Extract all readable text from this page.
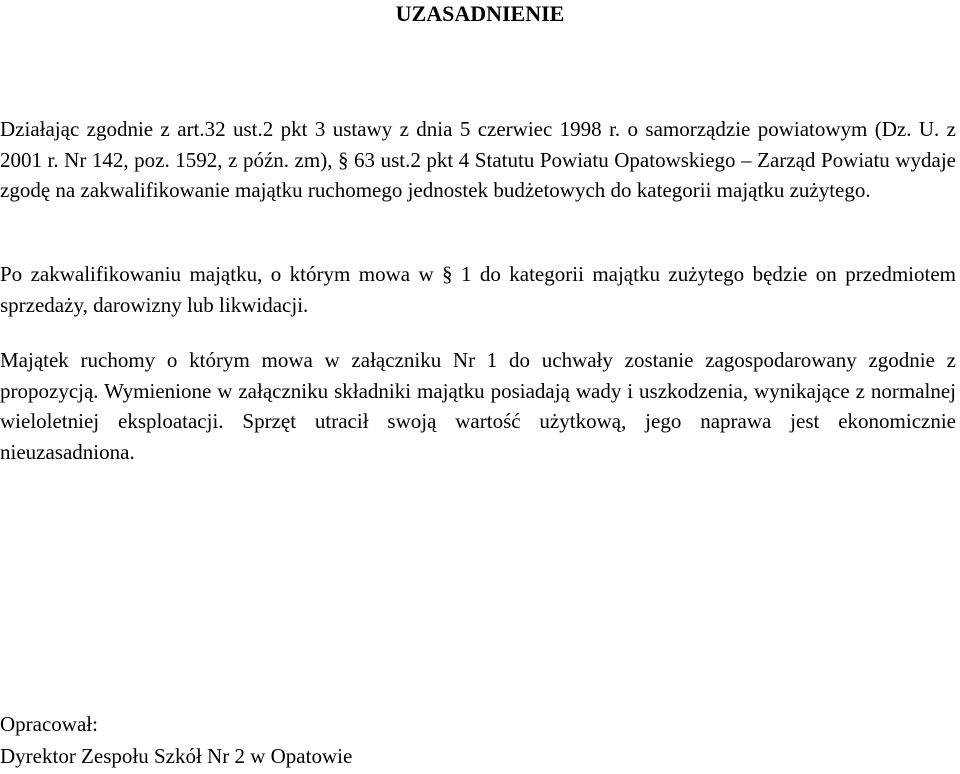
UZASADNIENIE

Działając zgodnie z art.32 ust.2 pkt 3 ustawy z dnia 5 czerwiec 1998 r. o samorządzie powiatowym (Dz. U. z 2001 r. Nr 142, poz. 1592, z późn. zm), § 63 ust.2 pkt 4 Statutu Powiatu Opatowskiego – Zarząd Powiatu wydaje zgodę na zakwalifikowanie majątku ruchomego jednostek budżetowych do kategorii majątku zużytego.

Po zakwalifikowaniu majątku, o którym mowa w § 1 do kategorii majątku zużytego będzie on przedmiotem sprzedaży, darowizny lub likwidacji.

Majątek ruchomy o którym mowa w załączniku Nr 1 do uchwały zostanie zagospodarowany zgodnie z propozycją. Wymienione w załączniku składniki majątku posiadają wady i uszkodzenia, wynikające z normalnej wieloletniej eksploatacji. Sprzęt utracił swoją wartość użytkową, jego naprawa jest ekonomicznie nieuzasadniona.

Opracował:
Dyrektor Zespołu Szkół Nr 2 w Opatowie
